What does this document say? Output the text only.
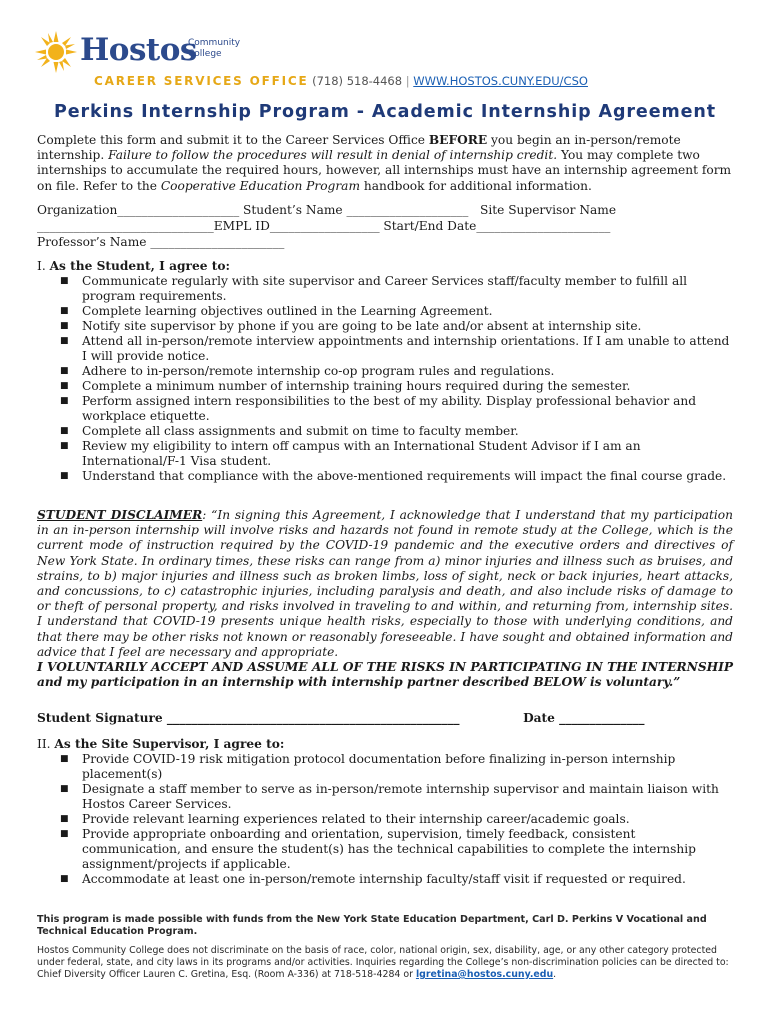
Hostos
Community
College
CAREER SERVICES OFFICE (718) 518-4468 | WWW.HOSTOS.CUNY.EDU/CSO
Perkins Internship Program - Academic Internship Agreement
Complete this form and submit it to the Career Services Office BEFORE you begin an in-person/remote internship. Failure to follow the procedures will result in denial of internship credit. You may complete two internships to accumulate the required hours, however, all internships must have an internship agreement form on file. Refer to the Cooperative Education Program handbook for additional information.
Organization____________________ Student’s Name ____________________   Site Supervisor Name
_____________________________EMPL ID__________________ Start/End Date______________________
Professor’s Name ______________________
I. As the Student, I agree to:
■ Communicate regularly with site supervisor and Career Services staff/faculty member to fulfill all program requirements.
■ Complete learning objectives outlined in the Learning Agreement.
■ Notify site supervisor by phone if you are going to be late and/or absent at internship site.
■ Attend all in-person/remote interview appointments and internship orientations. If I am unable to attend I will provide notice.
■ Adhere to in-person/remote internship co-op program rules and regulations.
■ Complete a minimum number of internship training hours required during the semester.
■ Perform assigned intern responsibilities to the best of my ability. Display professional behavior and workplace etiquette.
■ Complete all class assignments and submit on time to faculty member.
■ Review my eligibility to intern off campus with an International Student Advisor if I am an International/F-1 Visa student.
■ Understand that compliance with the above-mentioned requirements will impact the final course grade.
STUDENT DISCLAIMER: “In signing this Agreement, I acknowledge that I understand that my participation in an in-person internship will involve risks and hazards not found in remote study at the College, which is the current mode of instruction required by the COVID-19 pandemic and the executive orders and directives of New York State. In ordinary times, these risks can range from a) minor injuries and illness such as bruises, and strains, to b) major injuries and illness such as broken limbs, loss of sight, neck or back injuries, heart attacks, and concussions, to c) catastrophic injuries, including paralysis and death, and also include risks of damage to or theft of personal property, and risks involved in traveling to and within, and returning from, internship sites. I understand that COVID-19 presents unique health risks, especially to those with underlying conditions, and that there may be other risks not known or reasonably foreseeable. I have sought and obtained information and advice that I feel are necessary and appropriate.
I VOLUNTARILY ACCEPT AND ASSUME ALL OF THE RISKS IN PARTICIPATING IN THE INTERNSHIP and my participation in an internship with internship partner described BELOW is voluntary.”
Student Signature ________________________________________________               Date ______________
II. As the Site Supervisor, I agree to:
■ Provide COVID-19 risk mitigation protocol documentation before finalizing in-person internship placement(s)
■ Designate a staff member to serve as in-person/remote internship supervisor and maintain liaison with Hostos Career Services.
■ Provide relevant learning experiences related to their internship career/academic goals.
■ Provide appropriate onboarding and orientation, supervision, timely feedback, consistent communication, and ensure the student(s) has the technical capabilities to complete the internship assignment/projects if applicable.
■ Accommodate at least one in-person/remote internship faculty/staff visit if requested or required.
This program is made possible with funds from the New York State Education Department, Carl D. Perkins V Vocational and Technical Education Program.
Hostos Community College does not discriminate on the basis of race, color, national origin, sex, disability, age, or any other category protected under federal, state, and city laws in its programs and/or activities. Inquiries regarding the College’s non-discrimination policies can be directed to: Chief Diversity Officer Lauren C. Gretina, Esq. (Room A-336) at 718-518-4284 or lgretina@hostos.cuny.edu.
